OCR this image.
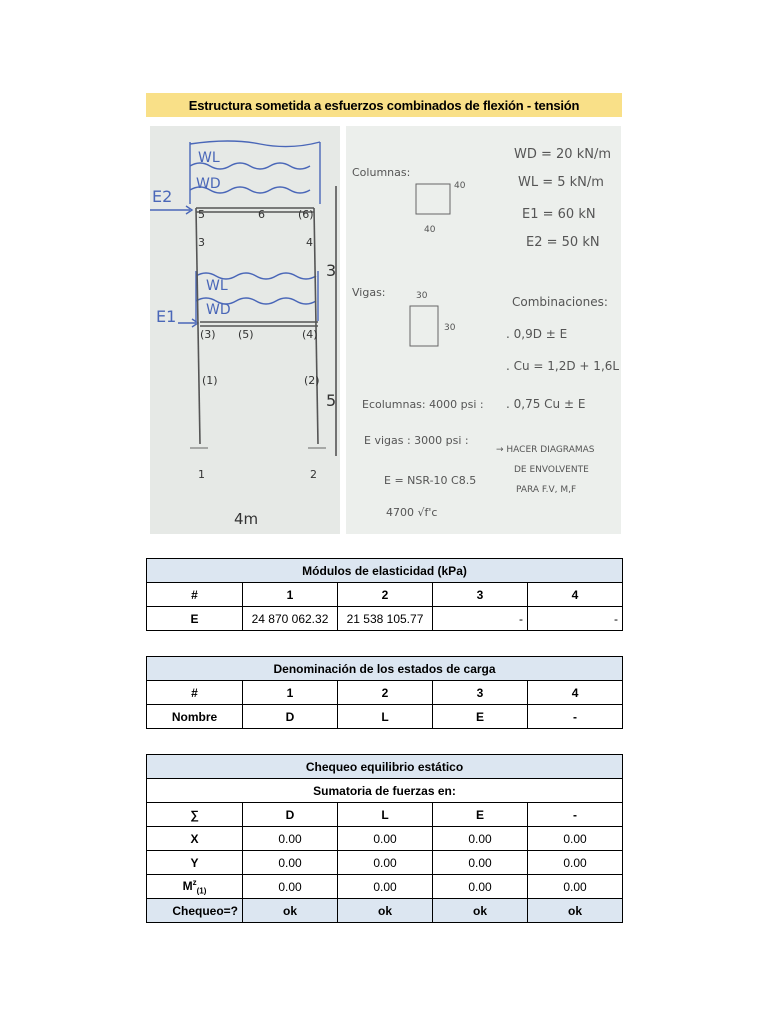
Estructura sometida a esfuerzos combinados de flexión - tensión
WL
WD
WL
WD
E2
E1
5	6
3	4
1	2
(6)
(5)
(3)	(4)
(1)	(2)
3
5
4m
Columnas:
40
40
Vigas:
30
30
WD = 20 kN/m
WL = 5 kN/m
E1 = 60 kN
E2 = 50 kN
Combinaciones:
. 0,9D ± E
. Cu = 1,2D + 1,6L
. 0,75 Cu ± E
Ecolumnas: 4000 psi :
E vigas : 3000 psi :
E = NSR-10 C8.5
4700 √f'c
→ HACER DIAGRAMAS
DE ENVOLVENTE
PARA F.V, M,F
Módulos de elasticidad (kPa)				
#	1	2	3	4
E	24 870 062.32	21 538 105.77	-	-
Denominación de los estados de carga				
#	1	2	3	4
Nombre	D	L	E	-
Chequeo equilibrio estático				
Sumatoria de fuerzas en:				
∑	D	L	E	-
X	0.00	0.00	0.00	0.00
Y	0.00	0.00	0.00	0.00
$M^z_{(1)}$	0.00	0.00	0.00	0.00
Chequeo=?	ok	ok	ok	ok
